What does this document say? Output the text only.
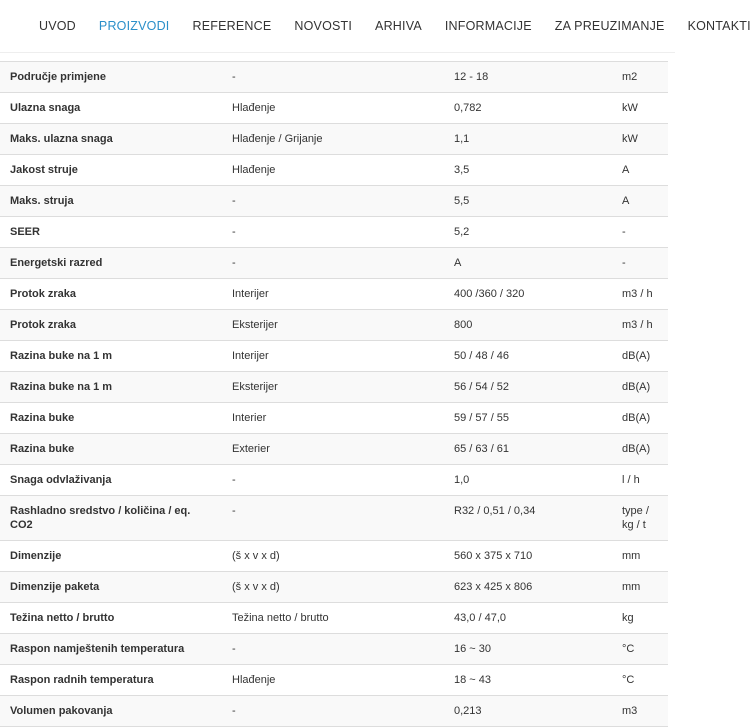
UVOD PROIZVODI REFERENCE NOVOSTI ARHIVA INFORMACIJE ZA PREUZIMANJE KONTAKTI
Područje primjene	-	12 - 18	m2
Ulazna snaga	Hlađenje	0,782	kW
Maks. ulazna snaga	Hlađenje / Grijanje	1,1	kW
Jakost struje	Hlađenje	3,5	A
Maks. struja	-	5,5	A
SEER	-	5,2	-
Energetski razred	-	A	-
Protok zraka	Interijer	400 /360 / 320	m3 / h
Protok zraka	Eksterijer	800	m3 / h
Razina buke na 1 m	Interijer	50 / 48 / 46	dB(A)
Razina buke na 1 m	Eksterijer	56 / 54 / 52	dB(A)
Razina buke	Interier	59 / 57 / 55	dB(A)
Razina buke	Exterier	65 / 63 / 61	dB(A)
Snaga odvlaživanja	-	1,0	l / h
Rashladno sredstvo / količina / eq. CO2	-	R32 / 0,51 / 0,34	type / kg / t
Dimenzije	(š x v x d)	560 x 375 x 710	mm
Dimenzije paketa	(š x v x d)	623 x 425 x 806	mm
Težina netto / brutto	Težina netto / brutto	43,0 / 47,0	kg
Raspon namještenih temperatura	-	16 ~ 30	°C
Raspon radnih temperatura	Hlađenje	18 ~ 43	°C
Volumen pakovanja	-	0,213	m3
